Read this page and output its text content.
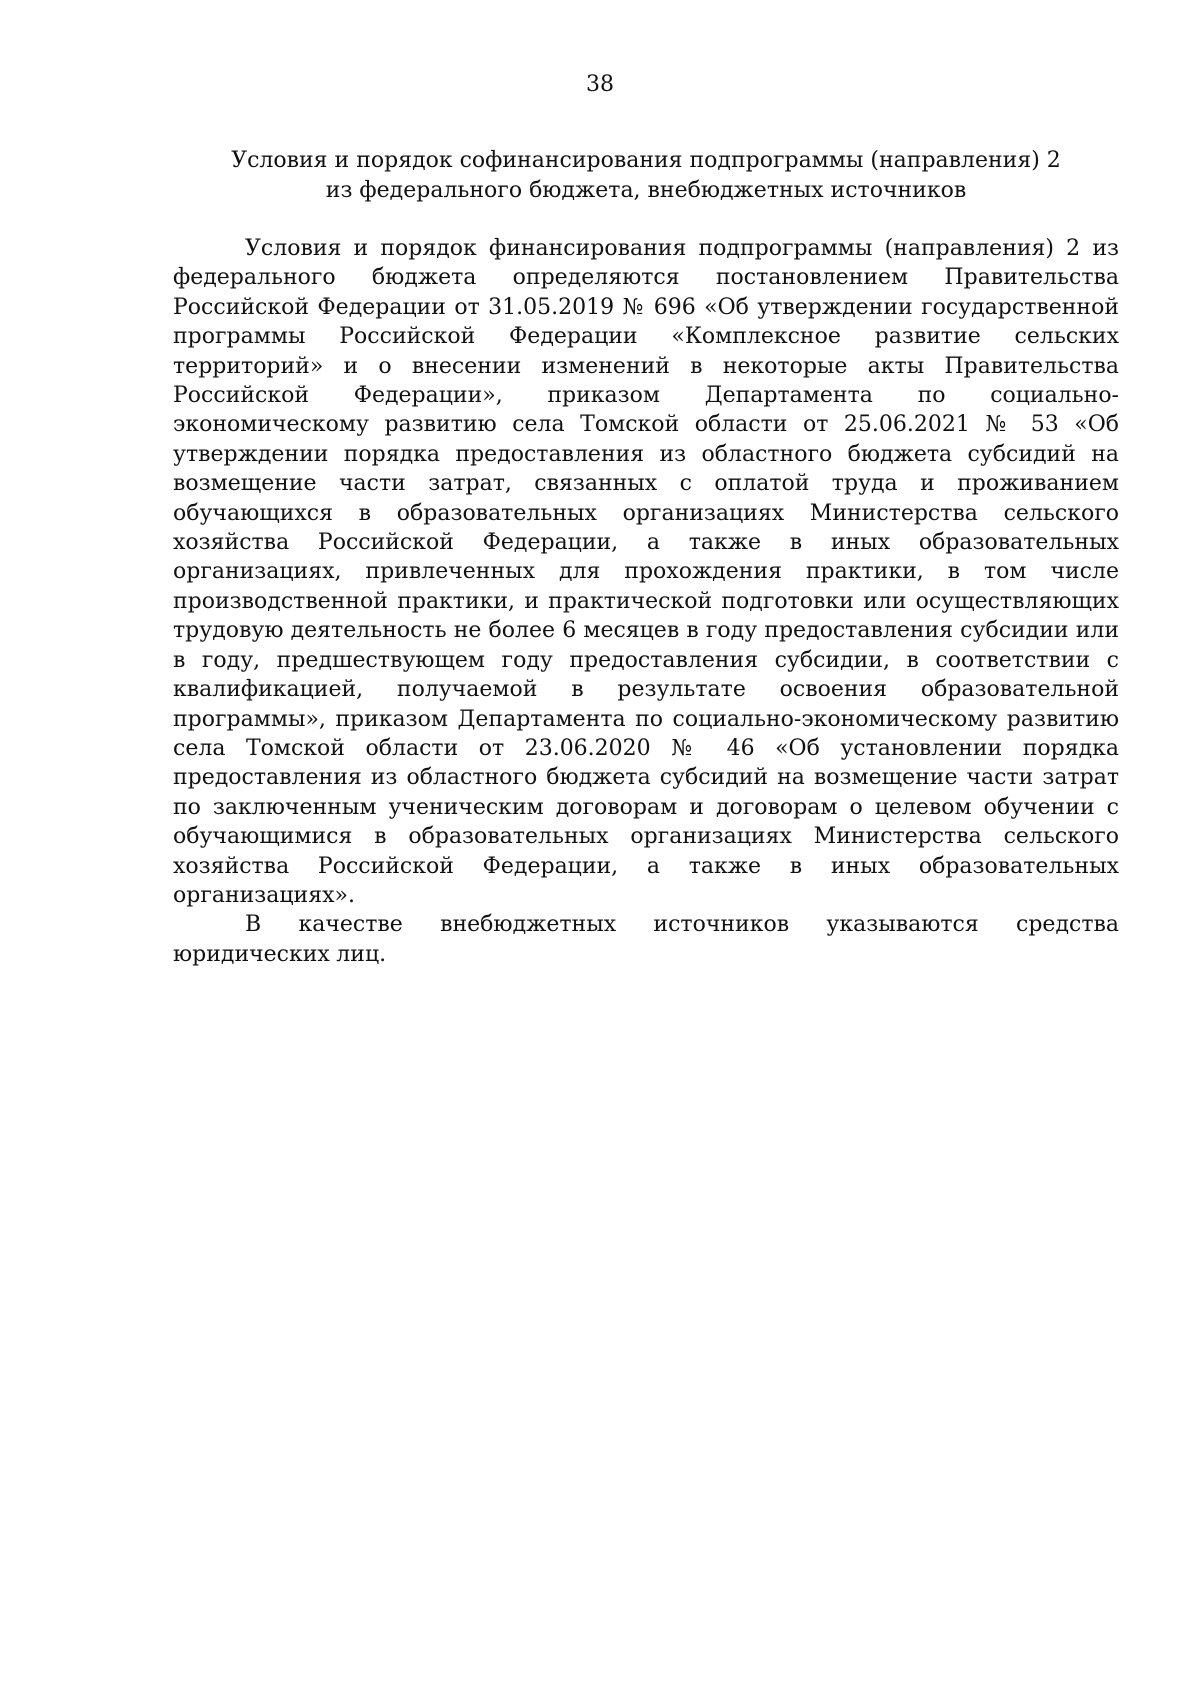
38
Условия и порядок софинансирования подпрограммы (направления) 2
из федерального бюджета, внебюджетных источников

Условия и порядок финансирования подпрограммы (направления) 2 из федерального бюджета определяются постановлением Правительства Российской Федерации от 31.05.2019 № 696 «Об утверждении государственной программы Российской Федерации «Комплексное развитие сельских территорий» и о внесении изменений в некоторые акты Правительства Российской Федерации», приказом Департамента по социально-экономическому развитию села Томской области от 25.06.2021 № 53 «Об утверждении порядка предоставления из областного бюджета субсидий на возмещение части затрат, связанных с оплатой труда и проживанием обучающихся в образовательных организациях Министерства сельского хозяйства Российской Федерации, а также в иных образовательных организациях, привлеченных для прохождения практики, в том числе производственной практики, и практической подготовки или осуществляющих трудовую деятельность не более 6 месяцев в году предоставления субсидии или в году, предшествующем году предоставления субсидии, в соответствии с квалификацией, получаемой в результате освоения образовательной программы», приказом Департамента по социально-экономическому развитию села Томской области от 23.06.2020 № 46 «Об установлении порядка предоставления из областного бюджета субсидий на возмещение части затрат по заключенным ученическим договорам и договорам о целевом обучении с обучающимися в образовательных организациях Министерства сельского хозяйства Российской Федерации, а также в иных образовательных организациях».

В качестве внебюджетных источников указываются средства юридических лиц.
